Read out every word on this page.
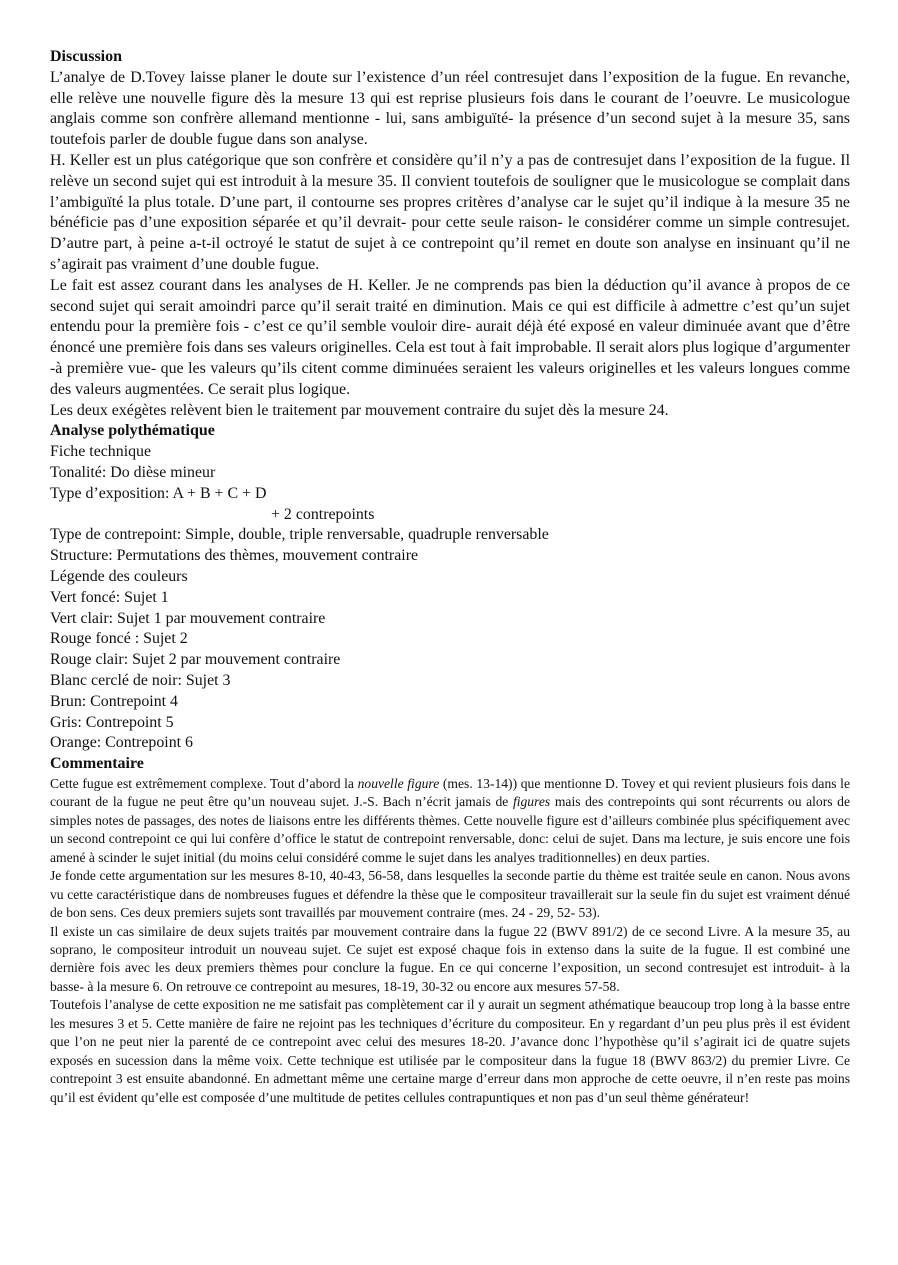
Discussion

L’analye de D.Tovey laisse planer le doute sur l’existence d’un réel contresujet dans l’exposition de la fugue. En revanche, elle relève une nouvelle figure dès la mesure 13 qui est reprise plusieurs fois dans le courant de l’oeuvre. Le musicologue anglais comme son confrère allemand mentionne - lui, sans ambiguïté- la présence d’un second sujet à la mesure 35, sans toutefois parler de double fugue dans son analyse.

H. Keller est un plus catégorique que son confrère et considère qu’il n’y a pas de contresujet dans l’exposition de la fugue. Il relève un second sujet qui est introduit à la mesure 35. Il convient toutefois de souligner que le musicologue se complait dans l’ambiguïté la plus totale. D’une part, il contourne ses propres critères d’analyse car le sujet qu’il indique à la mesure 35 ne bénéficie pas d’une exposition séparée et qu’il devrait- pour cette seule raison- le considérer comme un simple contresujet. D’autre part, à peine a-t-il octroyé le statut de sujet à ce contrepoint qu’il remet en doute son analyse en insinuant qu’il ne s’agirait pas vraiment d’une double fugue.

Le fait est assez courant dans les analyses de H. Keller. Je ne comprends pas bien la déduction qu’il avance à propos de ce second sujet qui serait amoindri parce qu’il serait traité en diminution. Mais ce qui est difficile à admettre c’est qu’un sujet entendu pour la première fois - c’est ce qu’il semble vouloir dire- aurait déjà été exposé en valeur diminuée avant que d’être énoncé une première fois dans ses valeurs originelles. Cela est tout à fait improbable. Il serait alors plus logique d’argumenter -à première vue- que les valeurs qu’ils citent comme diminuées seraient les valeurs originelles et les valeurs longues comme des valeurs augmentées. Ce serait plus logique.

Les deux exégètes relèvent bien le traitement par mouvement contraire du sujet dès la mesure 24.

Analyse polythématique
Fiche technique
Tonalité: Do dièse mineur
Type d’exposition: A + B + C + D
+ 2 contrepoints
Type de contrepoint: Simple, double, triple renversable, quadruple renversable
Structure: Permutations des thèmes, mouvement contraire
Légende des couleurs
Vert foncé: Sujet 1
Vert clair: Sujet 1 par mouvement contraire
Rouge foncé : Sujet 2
Rouge clair: Sujet 2 par mouvement contraire
Blanc cerclé de noir: Sujet 3
Brun: Contrepoint 4
Gris: Contrepoint 5
Orange: Contrepoint 6
Commentaire

Cette fugue est extrêmement complexe. Tout d’abord la nouvelle figure (mes. 13-14)) que mentionne D. Tovey et qui revient plusieurs fois dans le courant de la fugue ne peut être qu’un nouveau sujet. J.-S. Bach n’écrit jamais de figures mais des contrepoints qui sont récurrents ou alors de simples notes de passages, des notes de liaisons entre les différents thèmes. Cette nouvelle figure est d’ailleurs combinée plus spécifiquement avec un second contrepoint ce qui lui confère d’office le statut de contrepoint renversable, donc: celui de sujet. Dans ma lecture, je suis encore une fois amené à scinder le sujet initial (du moins celui considéré comme le sujet dans les analyes traditionnelles) en deux parties.

Je fonde cette argumentation sur les mesures 8-10, 40-43, 56-58, dans lesquelles la seconde partie du thème est traitée seule en canon. Nous avons vu cette caractéristique dans de nombreuses fugues et défendre la thèse que le compositeur travaillerait sur la seule fin du sujet est vraiment dénué de bon sens. Ces deux premiers sujets sont travaillés par mouvement contraire (mes. 24 - 29, 52- 53).

Il existe un cas similaire de deux sujets traités par mouvement contraire dans la fugue 22 (BWV 891/2) de ce second Livre. A la mesure 35, au soprano, le compositeur introduit un nouveau sujet. Ce sujet est exposé chaque fois in extenso dans la suite de la fugue. Il est combiné une dernière fois avec les deux premiers thèmes pour conclure la fugue. En ce qui concerne l’exposition, un second contresujet est introduit- à la basse- à la mesure 6. On retrouve ce contrepoint au mesures, 18-19, 30-32 ou encore aux mesures 57-58.

Toutefois l’analyse de cette exposition ne me satisfait pas complètement car il y aurait un segment athématique beaucoup trop long à la basse entre les mesures 3 et 5. Cette manière de faire ne rejoint pas les techniques d’écriture du compositeur. En y regardant d’un peu plus près il est évident que l’on ne peut nier la parenté de ce contrepoint avec celui des mesures 18-20. J’avance donc l’hypothèse qu’il s’agirait ici de quatre sujets exposés en sucession dans la même voix. Cette technique est utilisée par le compositeur dans la fugue 18 (BWV 863/2) du premier Livre. Ce contrepoint 3 est ensuite abandonné. En admettant même une certaine marge d’erreur dans mon approche de cette oeuvre, il n’en reste pas moins qu’il est évident qu’elle est composée d’une multitude de petites cellules contrapuntiques et non pas d’un seul thème générateur!
